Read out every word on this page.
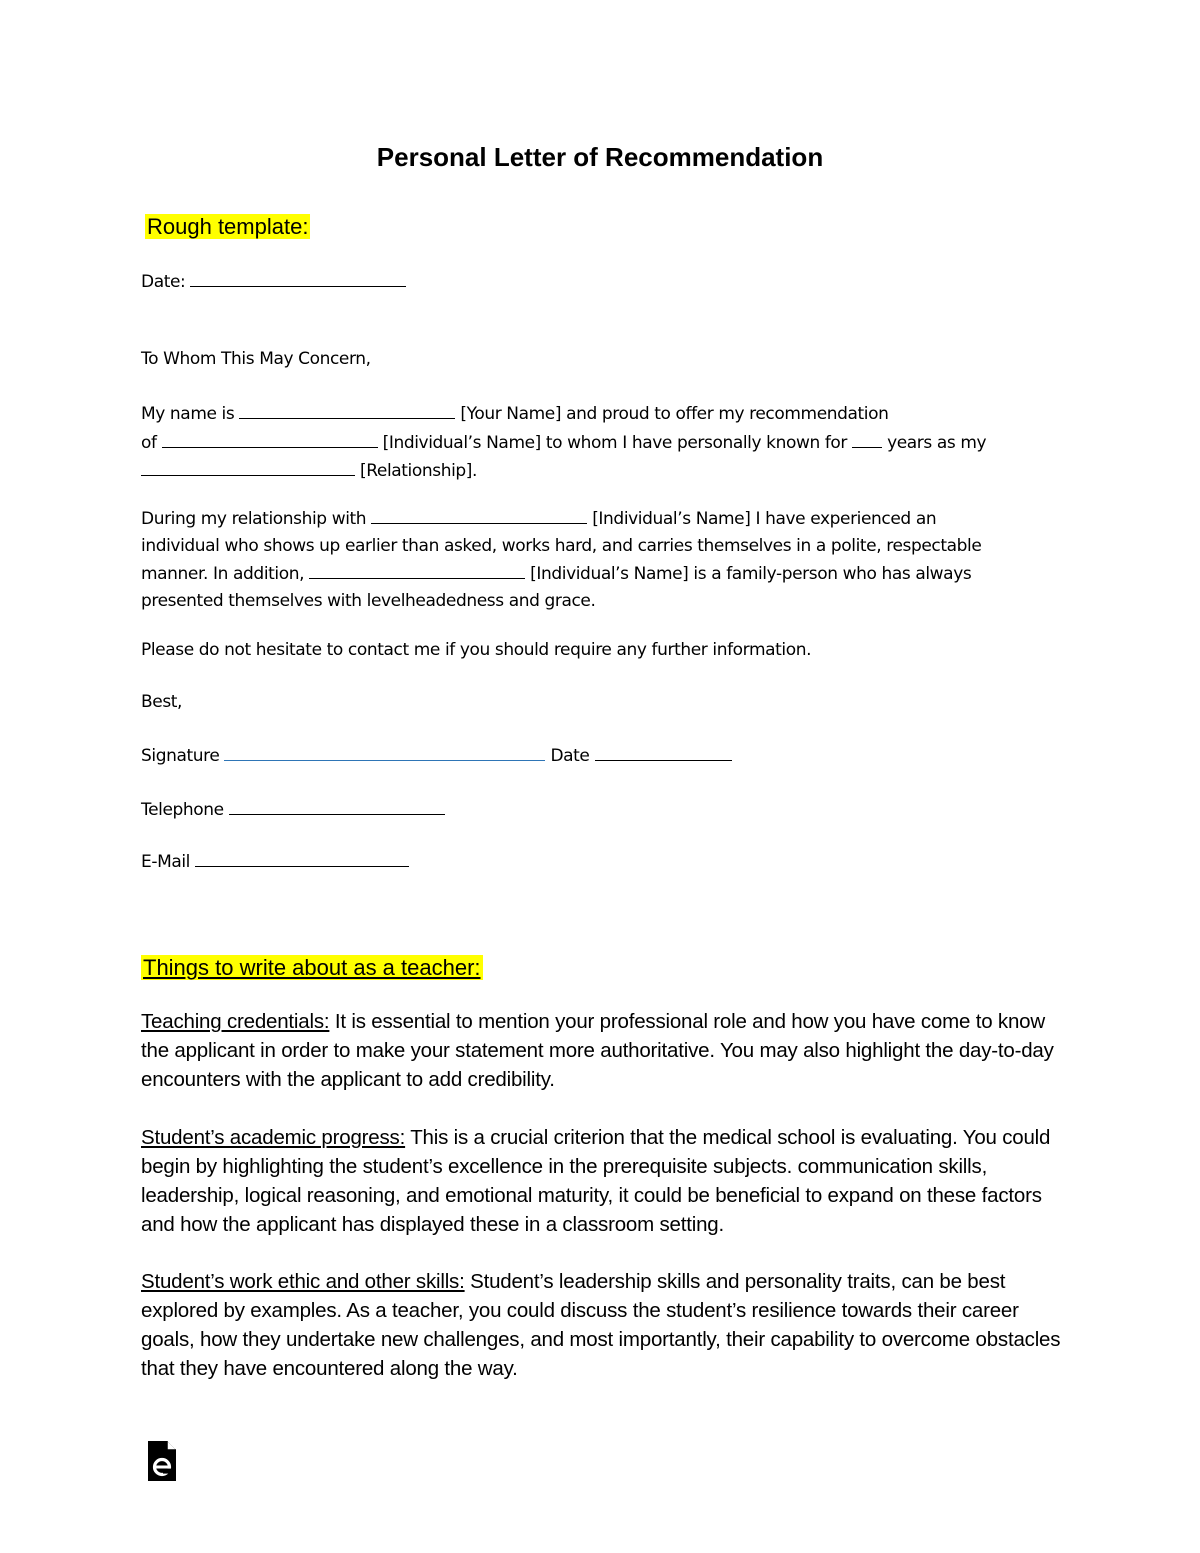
Personal Letter of Recommendation
Rough template:

Date:

To Whom This May Concern,

My name is	[Your Name] and proud to offer my recommendation

of	[Individual’s Name] to whom I have personally known for years as my

[Relationship].

During my relationship with	[Individual’s Name] I have experienced an

individual who shows up earlier than asked, works hard, and carries themselves in a polite, respectable

manner. In addition,	[Individual’s Name] is a family-person who has always

presented themselves with levelheadedness and grace.

Please do not hesitate to contact me if you should require any further information.

Best,

Signature	Date

Telephone

E-Mail

Things to write about as a teacher:

Teaching credentials: It is essential to mention your professional role and how you have come to know the applicant in order to make your statement more authoritative. You may also highlight the day-to-day encounters with the applicant to add credibility.

Student’s academic progress: This is a crucial criterion that the medical school is evaluating. You could begin by highlighting the student’s excellence in the prerequisite subjects. communication skills, leadership, logical reasoning, and emotional maturity, it could be beneficial to expand on these factors and how the applicant has displayed these in a classroom setting.

Student’s work ethic and other skills: Student’s leadership skills and personality traits, can be best explored by examples. As a teacher, you could discuss the student’s resilience towards their career goals, how they undertake new challenges, and most importantly, their capability to overcome obstacles that they have encountered along the way.
